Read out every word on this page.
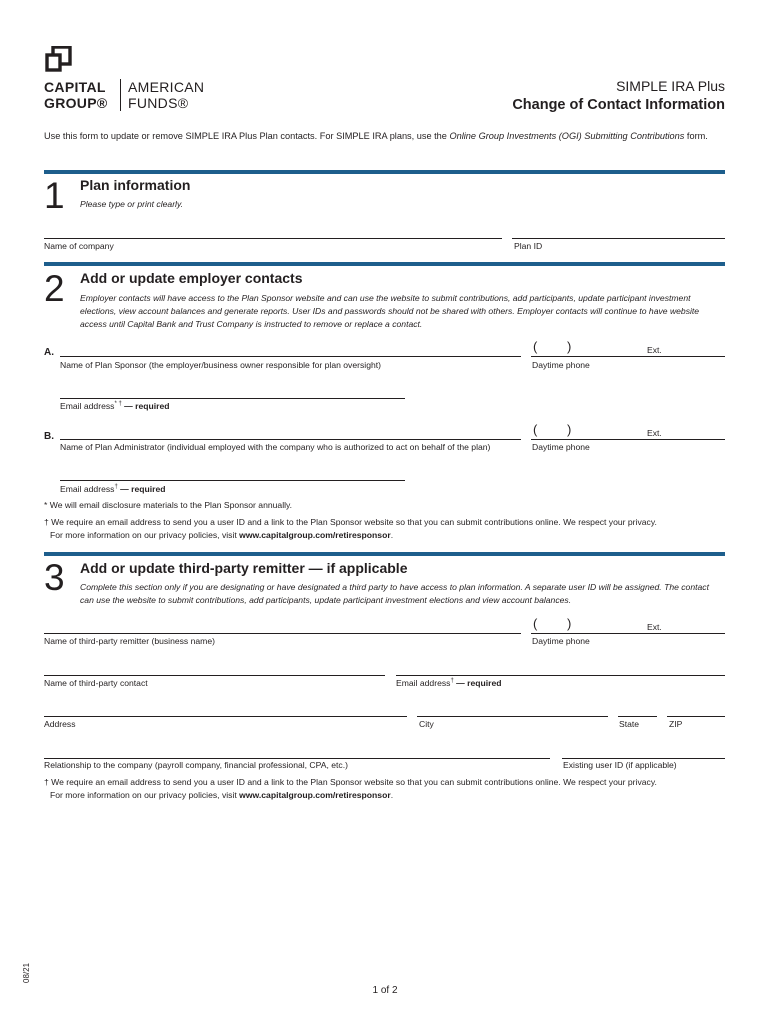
CAPITAL
GROUP®
AMERICAN
FUNDS®
SIMPLE IRA Plus
Change of Contact Information
Use this form to update or remove SIMPLE IRA Plus Plan contacts. For SIMPLE IRA plans, use the Online Group Investments (OGI) Submitting Contributions form.
1 Plan information
Please type or print clearly.
Name of company	Plan ID
2 Add or update employer contacts
Employer contacts will have access to the Plan Sponsor website and can use the website to submit contributions, add participants, update participant investment elections, view account balances and generate reports. User IDs and passwords should not be shared with others. Employer contacts will continue to have website access until Capital Bank and Trust Company is instructed to remove or replace a contact.
A.
Name of Plan Sponsor (the employer/business owner responsible for plan oversight)
( )	Ext.
Daytime phone
Email address* † — required
B.
Name of Plan Administrator (individual employed with the company who is authorized to act on behalf of the plan)
( )	Ext.
Daytime phone
Email address† — required
* We will email disclosure materials to the Plan Sponsor annually.
† We require an email address to send you a user ID and a link to the Plan Sponsor website so that you can submit contributions online. We respect your privacy.
For more information on our privacy policies, visit www.capitalgroup.com/retiresponsor.
3 Add or update third-party remitter — if applicable
Complete this section only if you are designating or have designated a third party to have access to plan information. A separate user ID will be assigned. The contact can use the website to submit contributions, add participants, update participant investment elections and view account balances.
Name of third-party remitter (business name)
( )	Ext.
Daytime phone
Name of third-party contact	Email address† — required
Address	City	State	ZIP
Relationship to the company (payroll company, financial professional, CPA, etc.)	Existing user ID (if applicable)
† We require an email address to send you a user ID and a link to the Plan Sponsor website so that you can submit contributions online. We respect your privacy.
For more information on our privacy policies, visit www.capitalgroup.com/retiresponsor.
08/21
1 of 2
